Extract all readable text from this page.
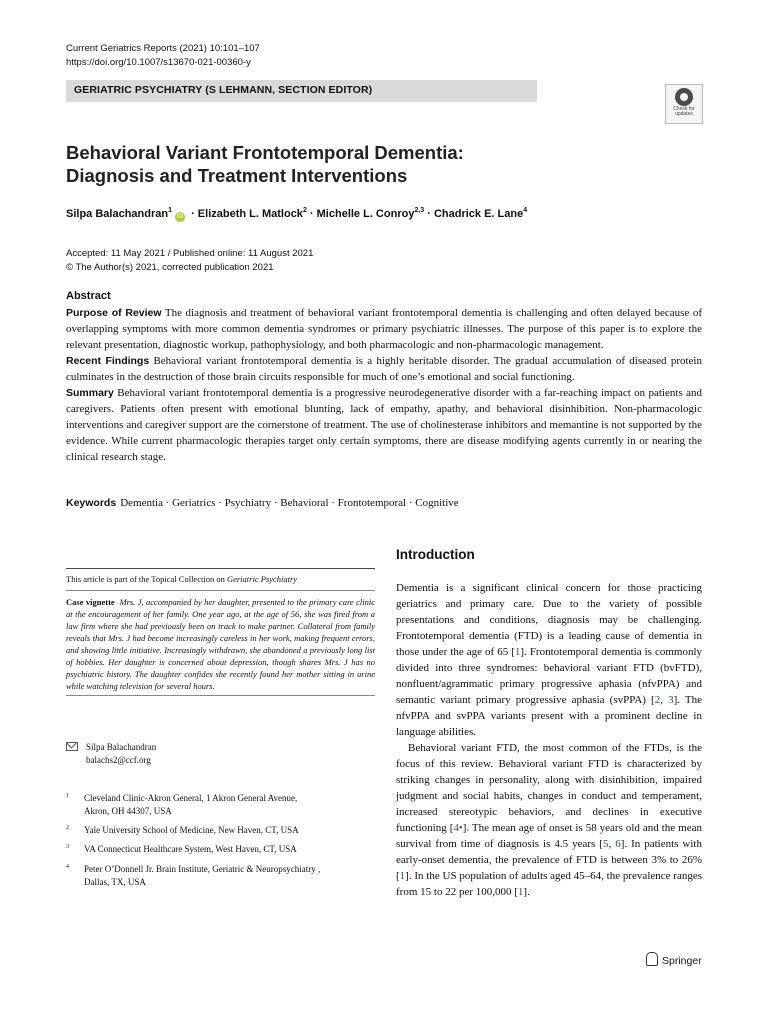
Current Geriatrics Reports (2021) 10:101–107
https://doi.org/10.1007/s13670-021-00360-y
GERIATRIC PSYCHIATRY (S LEHMANN, SECTION EDITOR)
Check for updates
Behavioral Variant Frontotemporal Dementia:
Diagnosis and Treatment Interventions
Silpa Balachandran$^1$iD · Elizabeth L. Matlock$^2$ · Michelle L. Conroy$^{2,3}$ · Chadrick E. Lane$^4$
Accepted: 11 May 2021 / Published online: 11 August 2021
© The Author(s) 2021, corrected publication 2021
Abstract

Purpose of Review The diagnosis and treatment of behavioral variant frontotemporal dementia is challenging and often delayed because of overlapping symptoms with more common dementia syndromes or primary psychiatric illnesses. The purpose of this paper is to explore the relevant presentation, diagnostic workup, pathophysiology, and both pharmacologic and non-pharmacologic management.

Recent Findings Behavioral variant frontotemporal dementia is a highly heritable disorder. The gradual accumulation of diseased protein culminates in the destruction of those brain circuits responsible for much of one’s emotional and social functioning.

Summary Behavioral variant frontotemporal dementia is a progressive neurodegenerative disorder with a far-reaching impact on patients and caregivers. Patients often present with emotional blunting, lack of empathy, apathy, and behavioral disinhibition. Non-pharmacologic interventions and caregiver support are the cornerstone of treatment. The use of cholinesterase inhibitors and memantine is not supported by the evidence. While current pharmacologic therapies target only certain symptoms, there are disease modifying agents currently in or nearing the clinical research stage.

Keywords Dementia · Geriatrics · Psychiatry · Behavioral · Frontotemporal · Cognitive
This article is part of the Topical Collection on Geriatric Psychiatry
Case vignette Mrs. J, accompanied by her daughter, presented to the primary care clinic at the encouragement of her family. One year ago, at the age of 56, she was fired from a law firm where she had previously been on track to make partner. Collateral from family reveals that Mrs. J had become increasingly careless in her work, making frequent errors, and showing little initiative. Increasingly withdrawn, she abandoned a previously long list of hobbies. Her daughter is concerned about depression, though shares Mrs. J has no psychiatric history. The daughter confides she recently found her mother sitting in urine while watching television for several hours.
Silpa Balachandran
balachs2@ccf.org
1 Cleveland Clinic-Akron General, 1 Akron General Avenue,
Akron, OH 44307, USA
2 Yale University School of Medicine, New Haven, CT, USA
3 VA Connecticut Healthcare System, West Haven, CT, USA
4 Peter O’Donnell Jr. Brain Institute, Geriatric & Neuropsychiatry ,
Dallas, TX, USA
Introduction

Dementia is a significant clinical concern for those practicing geriatrics and primary care. Due to the variety of possible presentations and conditions, diagnosis may be challenging. Frontotemporal dementia (FTD) is a leading cause of dementia in those under the age of 65 [1]. Frontotemporal dementia is commonly divided into three syndromes: behavioral variant FTD (bvFTD), nonfluent/agrammatic primary progressive aphasia (nfvPPA) and semantic variant primary progressive aphasia (svPPA) [2, 3]. The nfvPPA and svPPA variants present with a prominent decline in language abilities.

Behavioral variant FTD, the most common of the FTDs, is the focus of this review. Behavioral variant FTD is characterized by striking changes in personality, along with disinhibition, impaired judgment and social habits, changes in conduct and temperament, increased stereotypic behaviors, and declines in executive functioning [4•]. The mean age of onset is 58 years old and the mean survival from time of diagnosis is 4.5 years [5, 6]. In patients with early-onset dementia, the prevalence of FTD is between 3% to 26% [1]. In the US population of adults aged 45–64, the prevalence ranges from 15 to 22 per 100,000 [1].

Springer
